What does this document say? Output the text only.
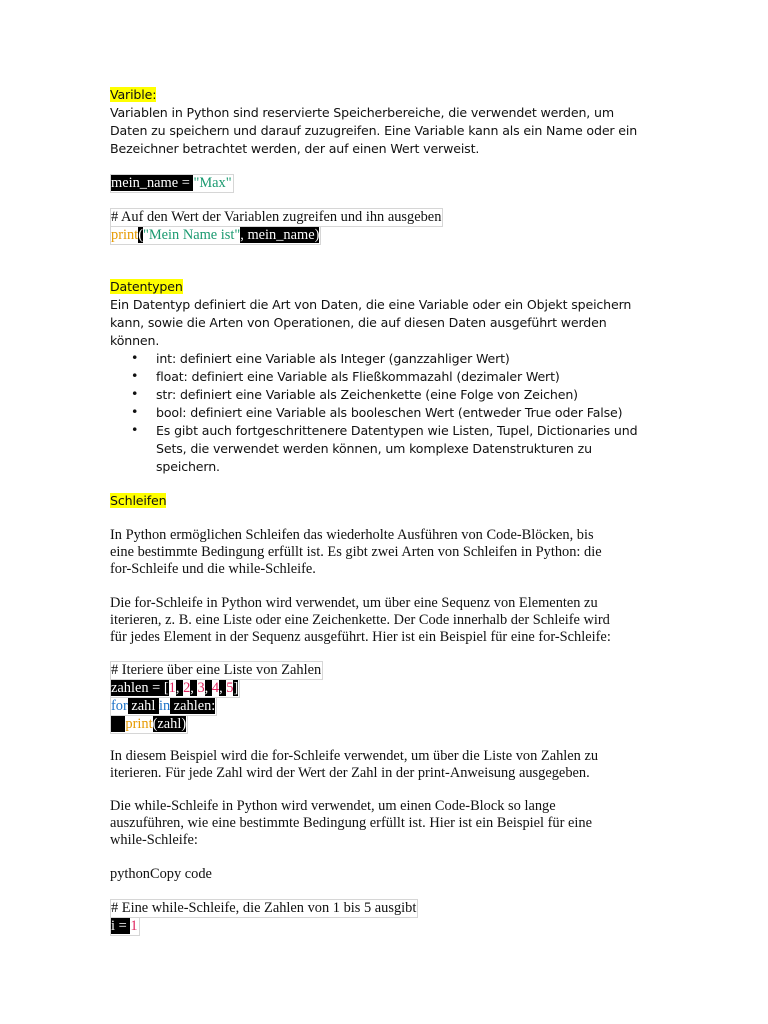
Varible:
Variablen in Python sind reservierte Speicherbereiche, die verwendet werden, um
Daten zu speichern und darauf zuzugreifen. Eine Variable kann als ein Name oder ein
Bezeichner betrachtet werden, der auf einen Wert verweist.
mein_name = "Max"
# Auf den Wert der Variablen zugreifen und ihn ausgeben
print("Mein Name ist", mein_name)
Datentypen
Ein Datentyp definiert die Art von Daten, die eine Variable oder ein Objekt speichern
kann, sowie die Arten von Operationen, die auf diesen Daten ausgeführt werden
können.
• int: definiert eine Variable als Integer (ganzzahliger Wert)
• float: definiert eine Variable als Fließkommazahl (dezimaler Wert)
• str: definiert eine Variable als Zeichenkette (eine Folge von Zeichen)
• bool: definiert eine Variable als booleschen Wert (entweder True oder False)
• Es gibt auch fortgeschrittenere Datentypen wie Listen, Tupel, Dictionaries und
Sets, die verwendet werden können, um komplexe Datenstrukturen zu
speichern.
Schleifen
In Python ermöglichen Schleifen das wiederholte Ausführen von Code-Blöcken, bis
eine bestimmte Bedingung erfüllt ist. Es gibt zwei Arten von Schleifen in Python: die
for-Schleife und die while-Schleife.
Die for-Schleife in Python wird verwendet, um über eine Sequenz von Elementen zu
iterieren, z. B. eine Liste oder eine Zeichenkette. Der Code innerhalb der Schleife wird
für jedes Element in der Sequenz ausgeführt. Hier ist ein Beispiel für eine for-Schleife:
# Iteriere über eine Liste von Zahlen
zahlen = [1, 2, 3, 4, 5]
for zahl in zahlen:
print(zahl)
In diesem Beispiel wird die for-Schleife verwendet, um über die Liste von Zahlen zu
iterieren. Für jede Zahl wird der Wert der Zahl in der print-Anweisung ausgegeben.
Die while-Schleife in Python wird verwendet, um einen Code-Block so lange
auszuführen, wie eine bestimmte Bedingung erfüllt ist. Hier ist ein Beispiel für eine
while-Schleife:
pythonCopy code
# Eine while-Schleife, die Zahlen von 1 bis 5 ausgibt
i = 1
